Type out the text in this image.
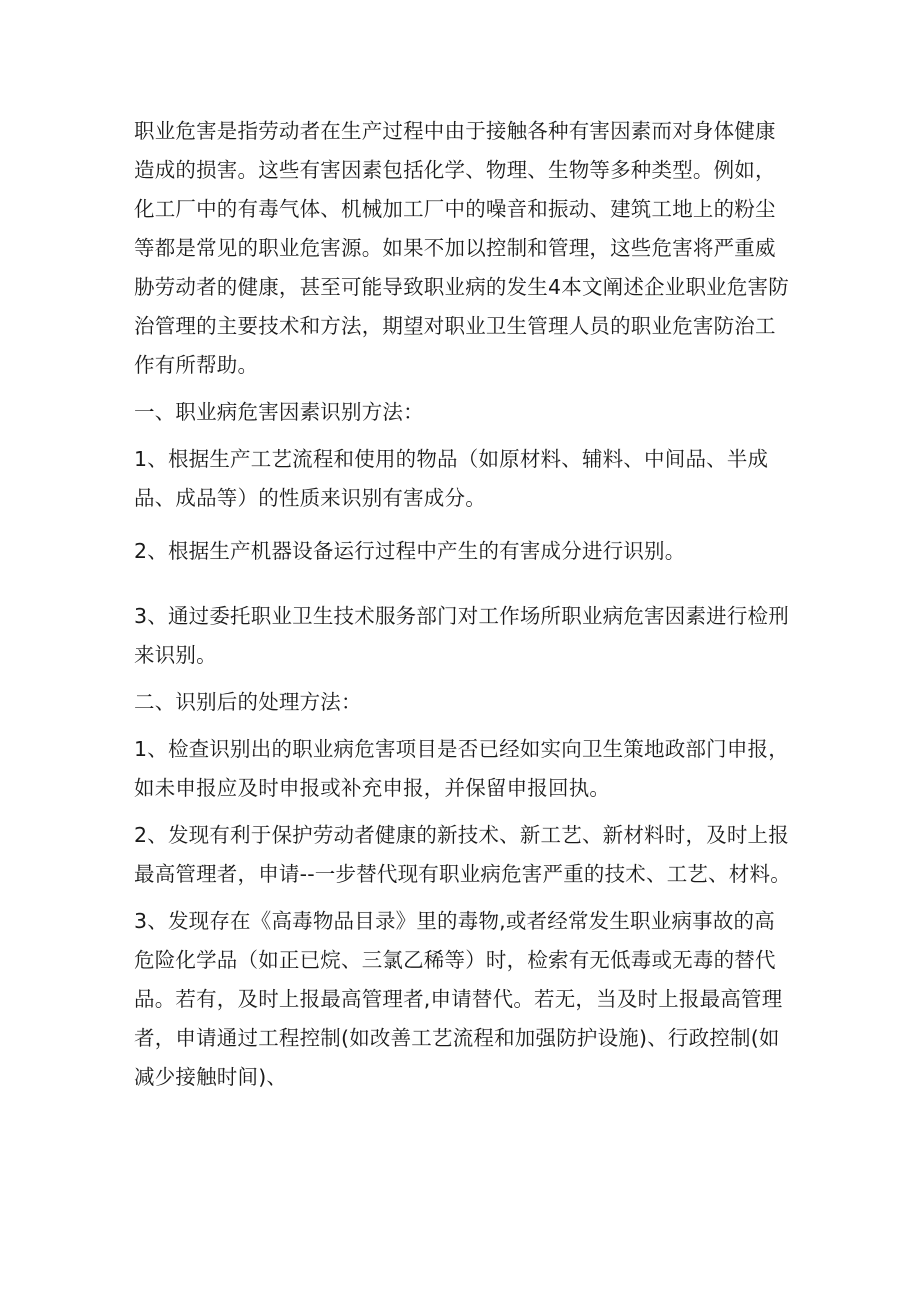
职业危害是指劳动者在生产过程中由于接触各种有害因素而对身体健康造成的损害。这些有害因素包括化学、物理、生物等多种类型。例如，化工厂中的有毒气体、机械加工厂中的噪音和振动、建筑工地上的粉尘等都是常见的职业危害源。如果不加以控制和管理，这些危害将严重威胁劳动者的健康，甚至可能导致职业病的发生4本文阐述企业职业危害防治管理的主要技术和方法，期望对职业卫生管理人员的职业危害防治工作有所帮助。

一、职业病危害因素识别方法：

1、根据生产工艺流程和使用的物品（如原材料、辅料、中间品、半成品、成品等）的性质来识别有害成分。

2、根据生产机器设备运行过程中产生的有害成分进行识别。

3、通过委托职业卫生技术服务部门对工作场所职业病危害因素进行检刑来识别。

二、识别后的处理方法：

1、检查识别出的职业病危害项目是否已经如实向卫生策地政部门申报，如未申报应及时申报或补充申报，并保留申报回执。

2、发现有利于保护劳动者健康的新技术、新工艺、新材料时，及时上报最高管理者，申请--一步替代现有职业病危害严重的技术、工艺、材料。

3、发现存在《高毒物品目录》里的毒物,或者经常发生职业病事故的高危险化学品（如正已烷、三氯乙稀等）时，检索有无低毒或无毒的替代品。若有，及时上报最高管理者,申请替代。若无，当及时上报最高管理者，申请通过工程控制(如改善工艺流程和加强防护设施)、行政控制(如减少接触时间)、
